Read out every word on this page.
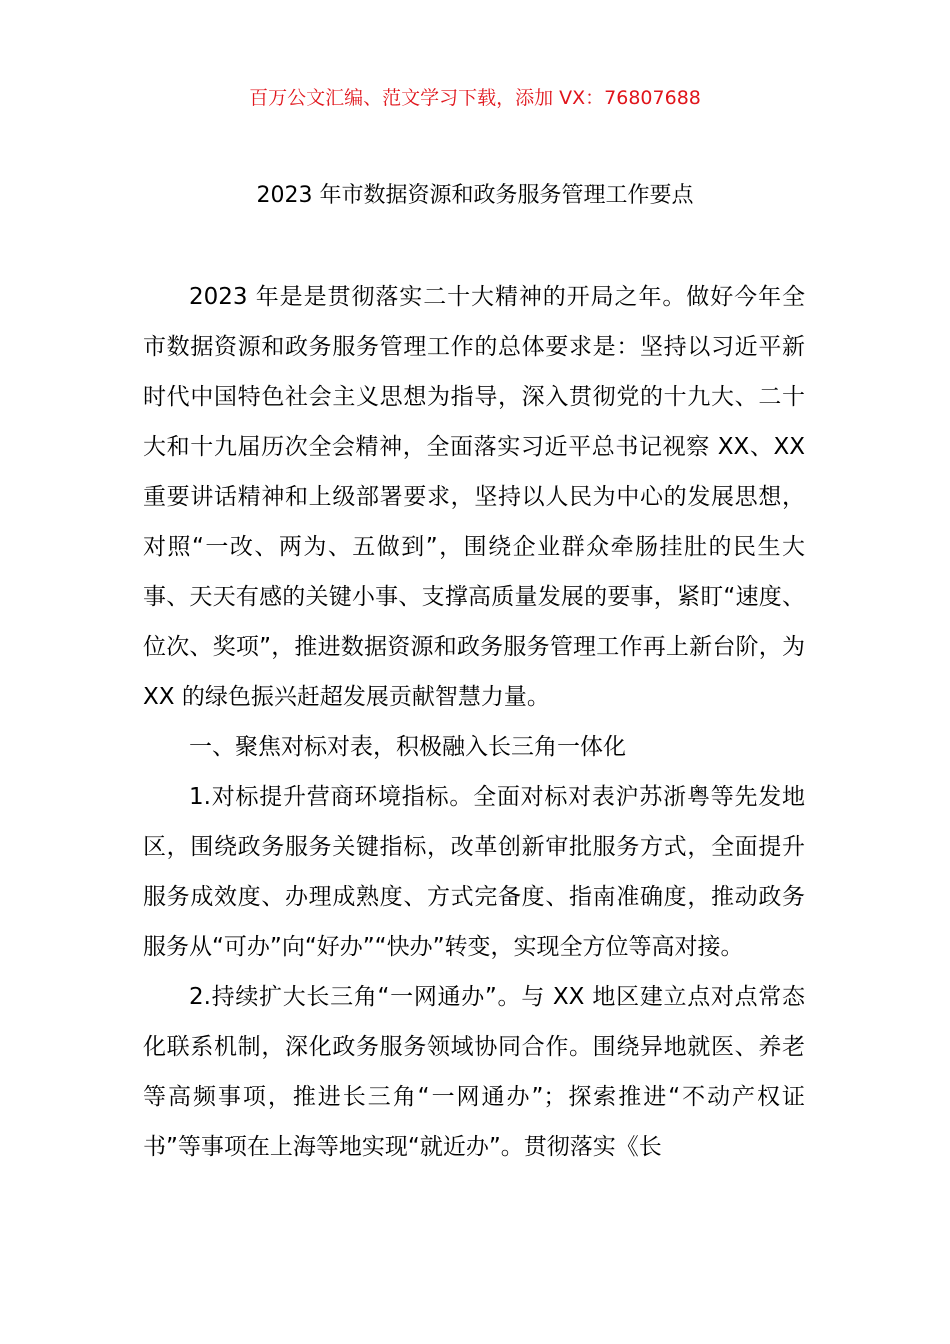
百万公文汇编、范文学习下载，添加 VX：76807688
2023 年市数据资源和政务服务管理工作要点

2023 年是是贯彻落实二十大精神的开局之年。做好今年全市数据资源和政务服务管理工作的总体要求是：坚持以习近平新时代中国特色社会主义思想为指导，深入贯彻党的十九大、二十大和十九届历次全会精神，全面落实习近平总书记视察 XX、XX 重要讲话精神和上级部署要求，坚持以人民为中心的发展思想，对照“一改、两为、五做到”，围绕企业群众牵肠挂肚的民生大事、天天有感的关键小事、支撑高质量发展的要事，紧盯“速度、位次、奖项”，推进数据资源和政务服务管理工作再上新台阶，为 XX 的绿色振兴赶超发展贡献智慧力量。

一、聚焦对标对表，积极融入长三角一体化

1.对标提升营商环境指标。全面对标对表沪苏浙粤等先发地区，围绕政务服务关键指标，改革创新审批服务方式，全面提升服务成效度、办理成熟度、方式完备度、指南准确度，推动政务服务从“可办”向“好办”“快办”转变，实现全方位等高对接。

2.持续扩大长三角“一网通办”。与 XX 地区建立点对点常态化联系机制，深化政务服务领域协同合作。围绕异地就医、养老等高频事项，推进长三角“一网通办”；探索推进“不动产权证书”等事项在上海等地实现“就近办”。贯彻落实《长
